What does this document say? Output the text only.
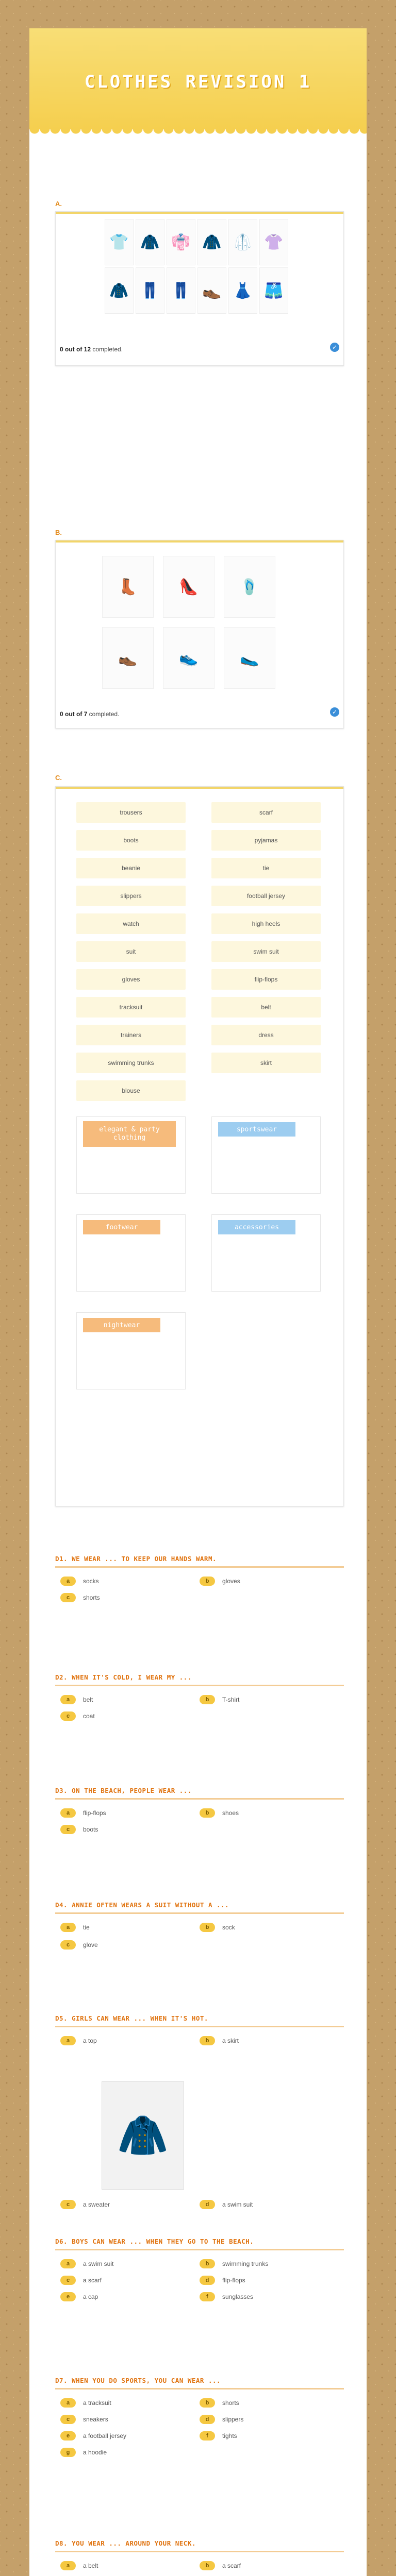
CLOTHES REVISION 1
A.
👕 🧥 👘 🧥 🥼 👚
🧥 👖 👖 👞 👗 🩳
0 out of 12 completed.	✓
B.
👢	👠	🩴
👞	👟	🥿
0 out of 7 completed.	✓
C.
trousers
boots
beanie
slippers
watch
suit
gloves
tracksuit
trainers
swimming trunks
blouse
scarf
pyjamas
tie
football jersey
high heels
swim suit
flip-flops
belt
dress
skirt
elegant & party clothing
sportswear
footwear	accessories
nightwear
D1. WE WEAR ... TO KEEP OUR HANDS WARM.
D2. WHEN IT'S COLD, I WEAR MY ...
D3. ON THE BEACH, PEOPLE WEAR ...
D4. ANNIE OFTEN WEARS A SUIT WITHOUT A ...
D5. GIRLS CAN WEAR ... WHEN IT'S HOT.
🧥
D6. BOYS CAN WEAR ... WHEN THEY GO TO THE BEACH.
D7. WHEN YOU DO SPORTS, YOU CAN WEAR ...
D8. YOU WEAR ... AROUND YOUR NECK.
a	socks	b	gloves
c	shorts
a	belt	b	T-shirt
c	coat
a	flip-flops	b	shoes
c	boots
a	tie	b	sock
c	glove
a	a top	b	a skirt
c	a sweater	d	a swim suit
a	a swim suit	b	swimming trunks
c	a scarf	d	flip-flops
e	a cap	f	sunglasses
a	a tracksuit	b	shorts
c	sneakers	d	slippers
e	a football jersey	f	tights
g	a hoodie
a	a belt	b	a scarf
